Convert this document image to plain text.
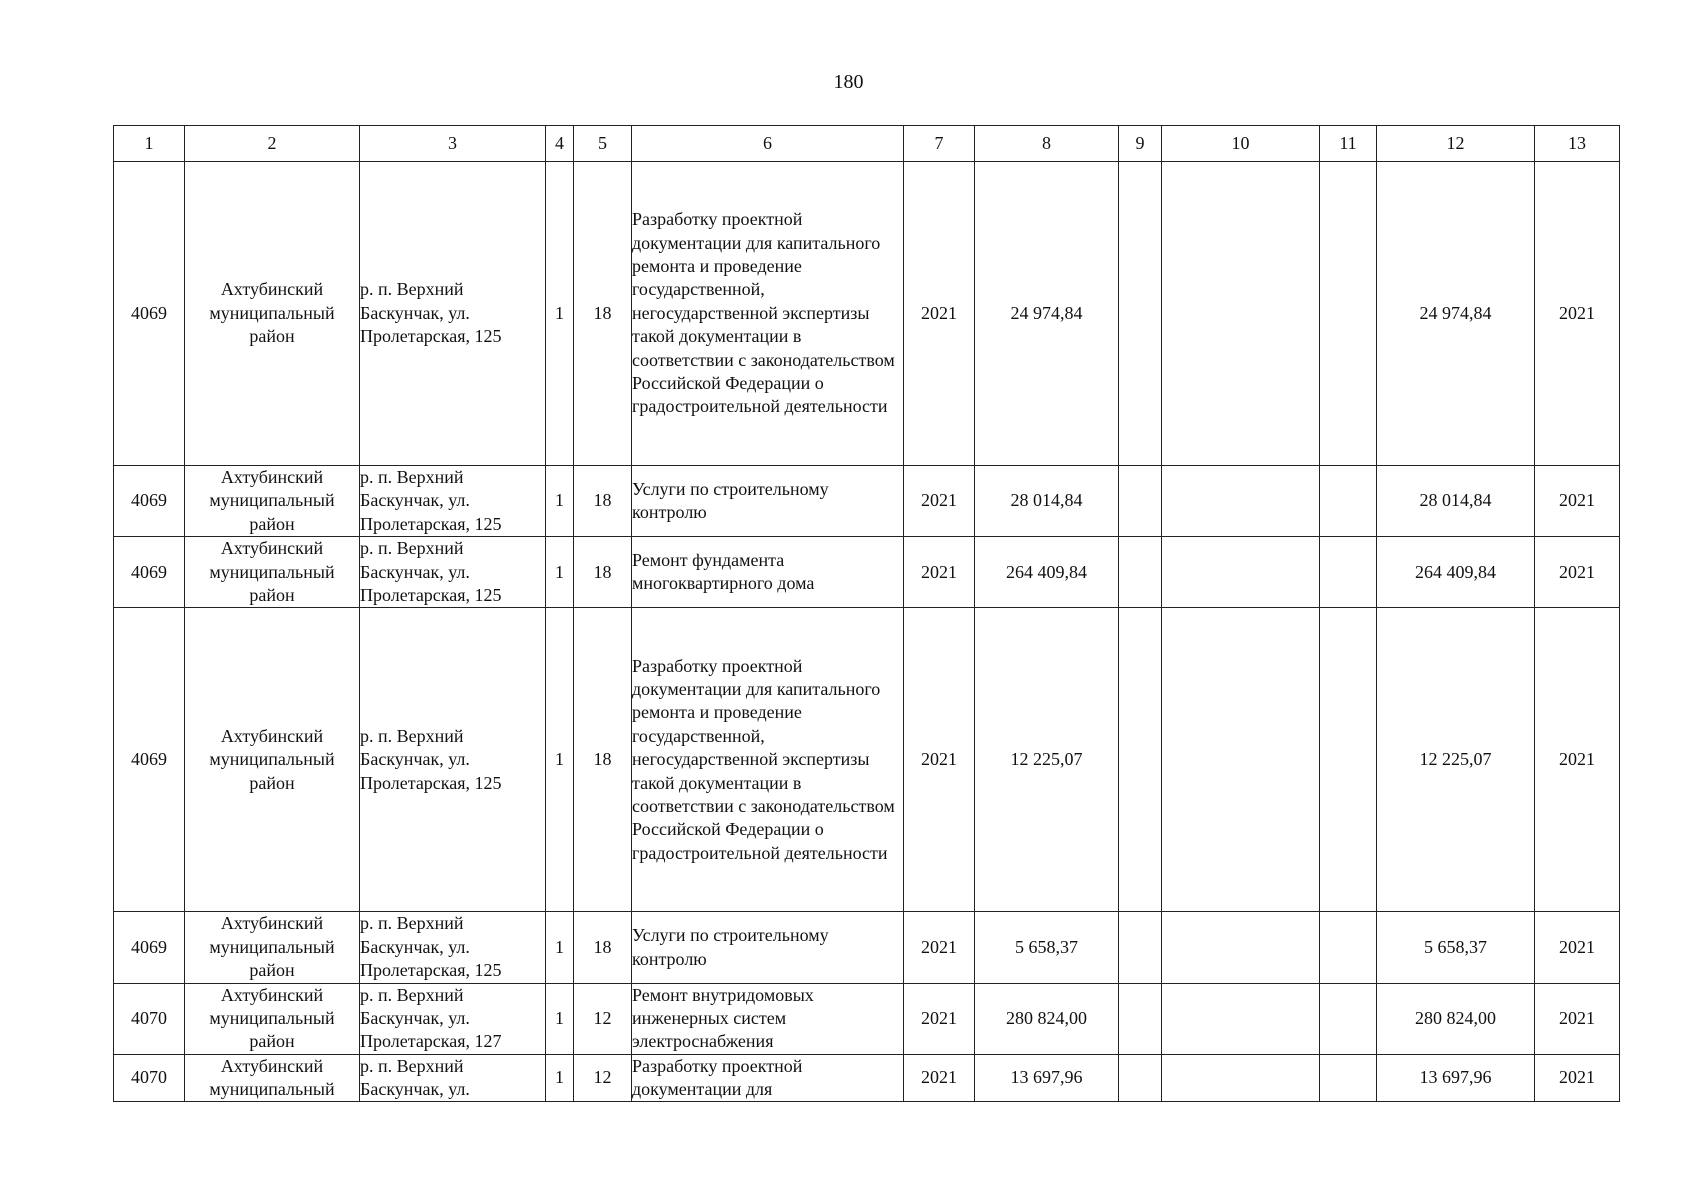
180
1	2	3	4	5	6	7	8	9	10	11	12	13
4069	Ахтубинский муниципальный район	р. п. Верхний Баскунчак, ул. Пролетарская, 125	1	18	Разработку проектной документации для капитального ремонта и проведение государственной, негосударственной экспертизы такой документации в соответствии с законодательством Российской Федерации о градостроительной деятельности	2021	24 974,84				24 974,84	2021
4069	Ахтубинский муниципальный район	р. п. Верхний Баскунчак, ул. Пролетарская, 125	1	18	Услуги по строительному контролю	2021	28 014,84				28 014,84	2021
4069	Ахтубинский муниципальный район	р. п. Верхний Баскунчак, ул. Пролетарская, 125	1	18	Ремонт фундамента многоквартирного дома	2021	264 409,84				264 409,84	2021
4069	Ахтубинский муниципальный район	р. п. Верхний Баскунчак, ул. Пролетарская, 125	1	18	Разработку проектной документации для капитального ремонта и проведение государственной, негосударственной экспертизы такой документации в соответствии с законодательством Российской Федерации о градостроительной деятельности	2021	12 225,07				12 225,07	2021
4069	Ахтубинский муниципальный район	р. п. Верхний Баскунчак, ул. Пролетарская, 125	1	18	Услуги по строительному контролю	2021	5 658,37				5 658,37	2021
4070	Ахтубинский муниципальный район	р. п. Верхний Баскунчак, ул. Пролетарская, 127	1	12	Ремонт внутридомовых инженерных систем электроснабжения	2021	280 824,00				280 824,00	2021
4070	Ахтубинский муниципальный	р. п. Верхний Баскунчак, ул.	1	12	Разработку проектной документации для	2021	13 697,96				13 697,96	2021
